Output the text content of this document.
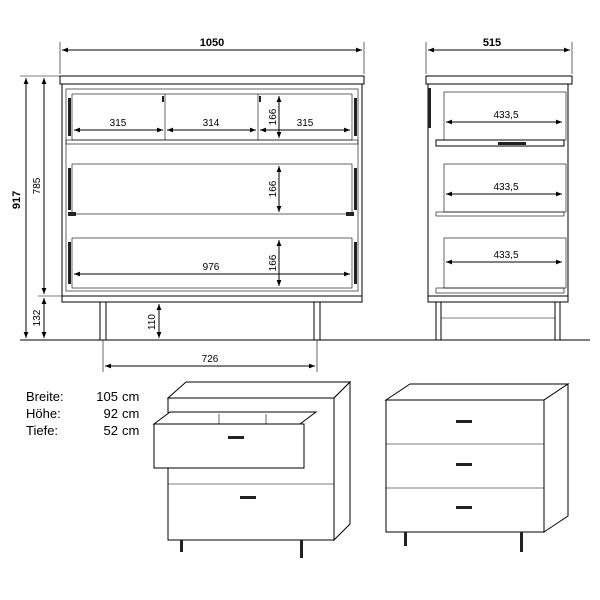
1050
315	314	315
166
166
976	166
110
726
917
785
132
515
433,5
433,5
433,5
Breite:	105 cm
Höhe:	92 cm
Tiefe:	52 cm
